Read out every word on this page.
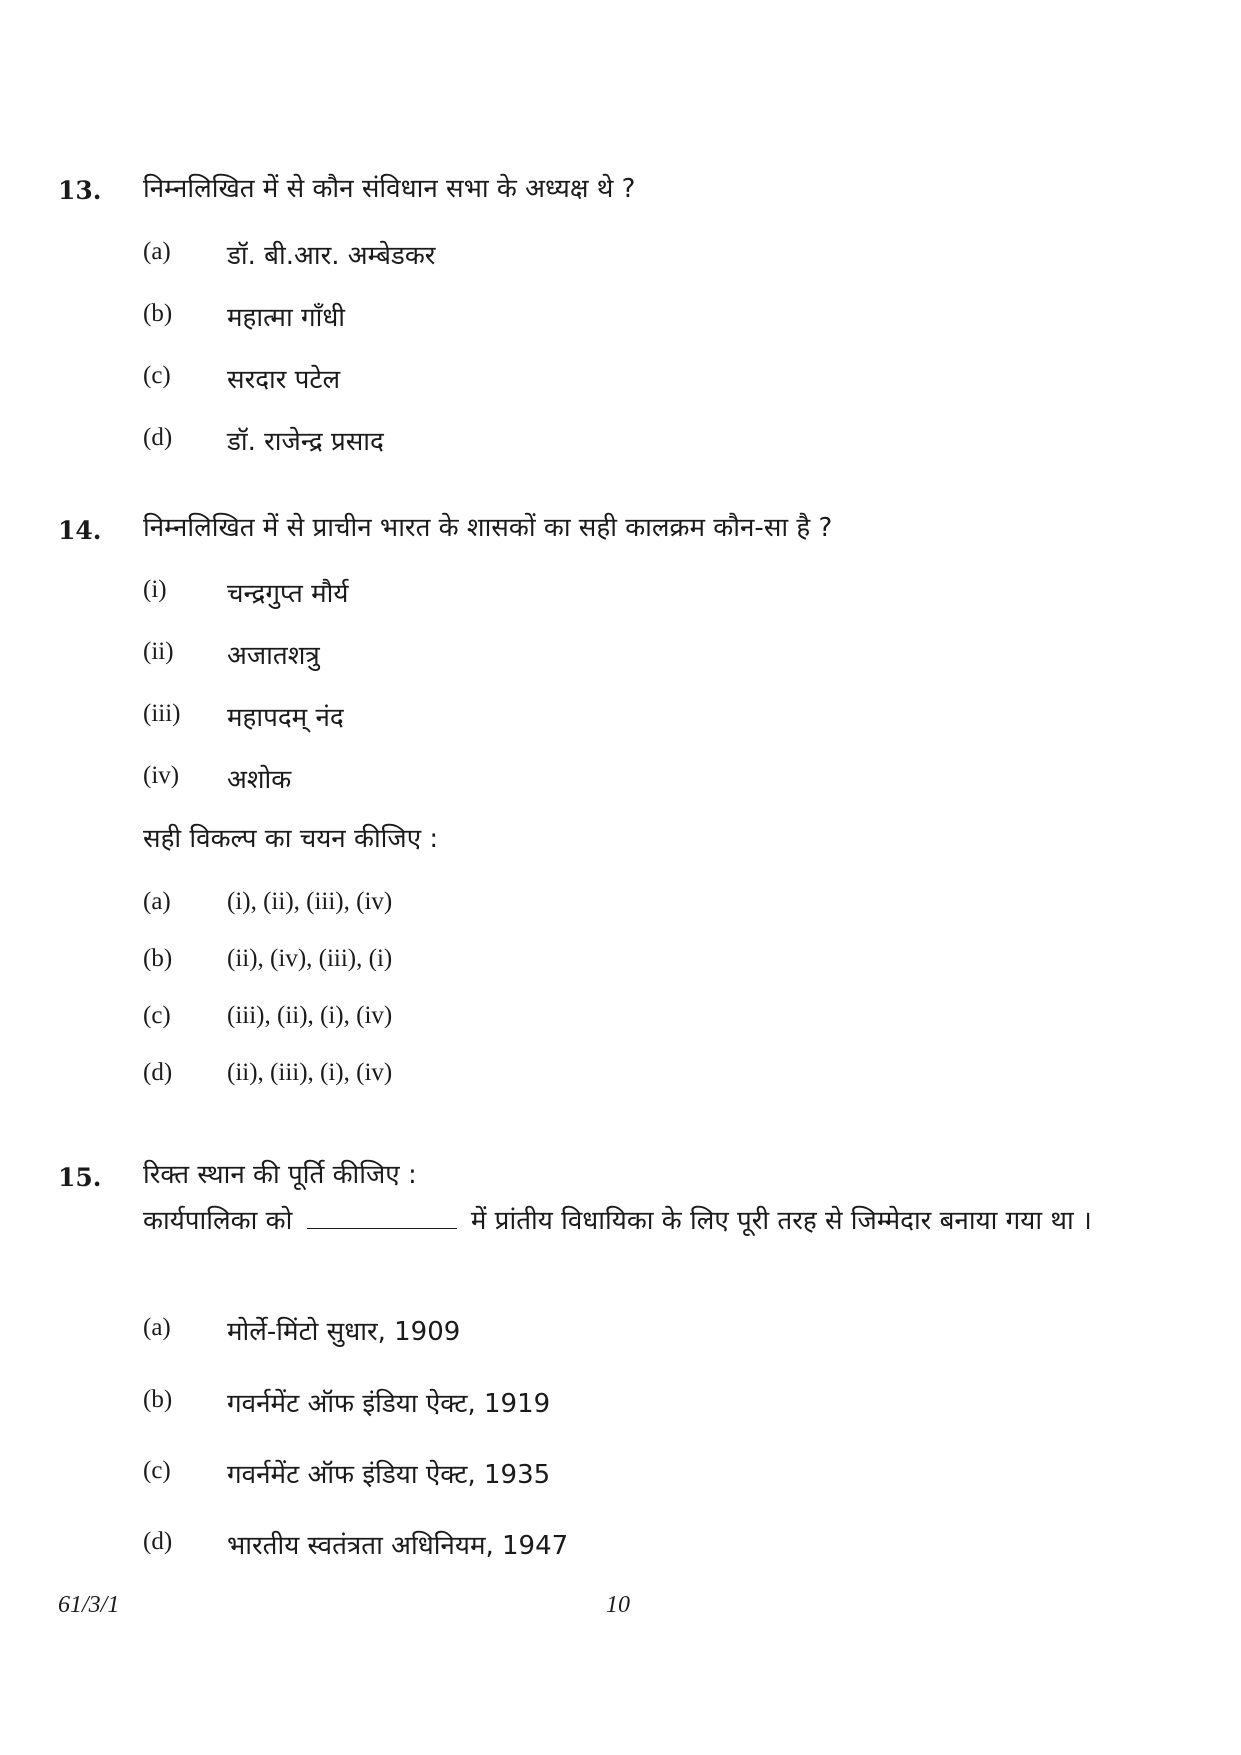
13. निम्नलिखित में से कौन संविधान सभा के अध्यक्ष थे ?
(a) डॉ. बी.आर. अम्बेडकर
(b) महात्मा गाँधी
(c) सरदार पटेल
(d) डॉ. राजेन्द्र प्रसाद
14. निम्नलिखित में से प्राचीन भारत के शासकों का सही कालक्रम कौन-सा है ?
(i) चन्द्रगुप्त मौर्य
(ii) अजातशत्रु
(iii) महापदम् नंद
(iv) अशोक
सही विकल्प का चयन कीजिए :
(a) (i), (ii), (iii), (iv)
(b) (ii), (iv), (iii), (i)
(c) (iii), (ii), (i), (iv)
(d) (ii), (iii), (i), (iv)
15. रिक्त स्थान की पूर्ति कीजिए :
कार्यपालिका को	में प्रांतीय विधायिका के लिए पूरी तरह से जिम्मेदार बनाया गया था ।
(a) मोर्ले-मिंटो सुधार, 1909
(b) गवर्नमेंट ऑफ इंडिया ऐक्ट, 1919
(c) गवर्नमेंट ऑफ इंडिया ऐक्ट, 1935
(d) भारतीय स्वतंत्रता अधिनियम, 1947
61/3/1	10
